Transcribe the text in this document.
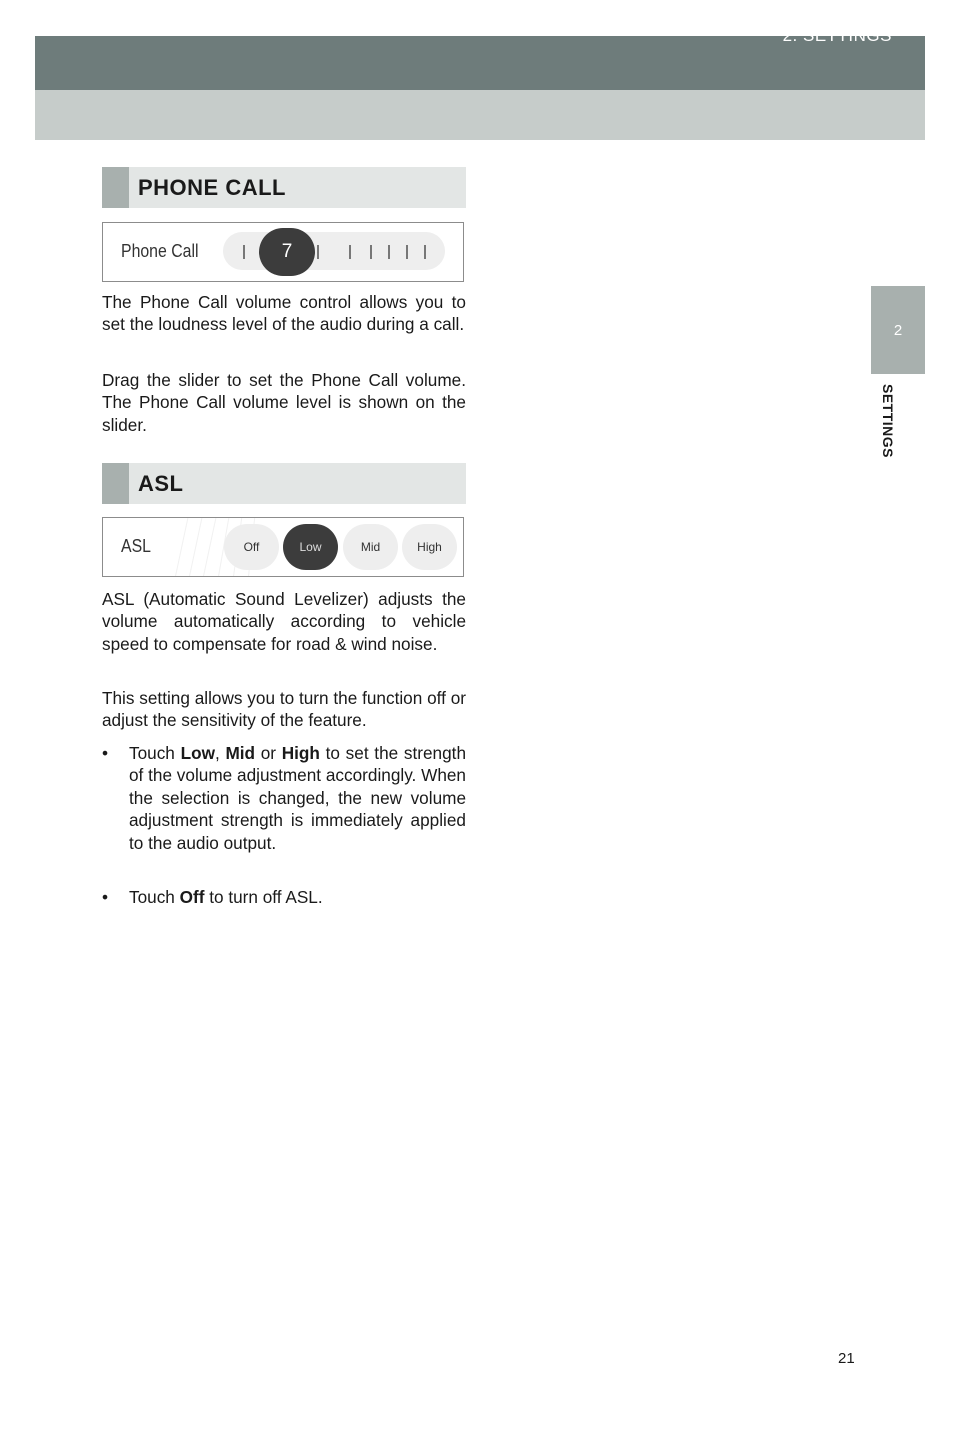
2. SETTINGS
2
SETTINGS
PHONE CALL
Phone Call	7

The Phone Call volume control allows you to set the loudness level of the audio during a call.

Drag the slider to set the Phone Call volume. The Phone Call volume level is shown on the slider.

ASL
ASL	Off	Low	Mid	High

ASL (Automatic Sound Levelizer) adjusts the volume automatically according to vehicle speed to compensate for road & wind noise.

This setting allows you to turn the function off or adjust the sensitivity of the feature.

• Touch Low, Mid or High to set the strength of the volume adjustment accordingly. When the selection is changed, the new volume adjustment strength is immediately applied to the audio output.
• Touch Off to turn off ASL.
21
